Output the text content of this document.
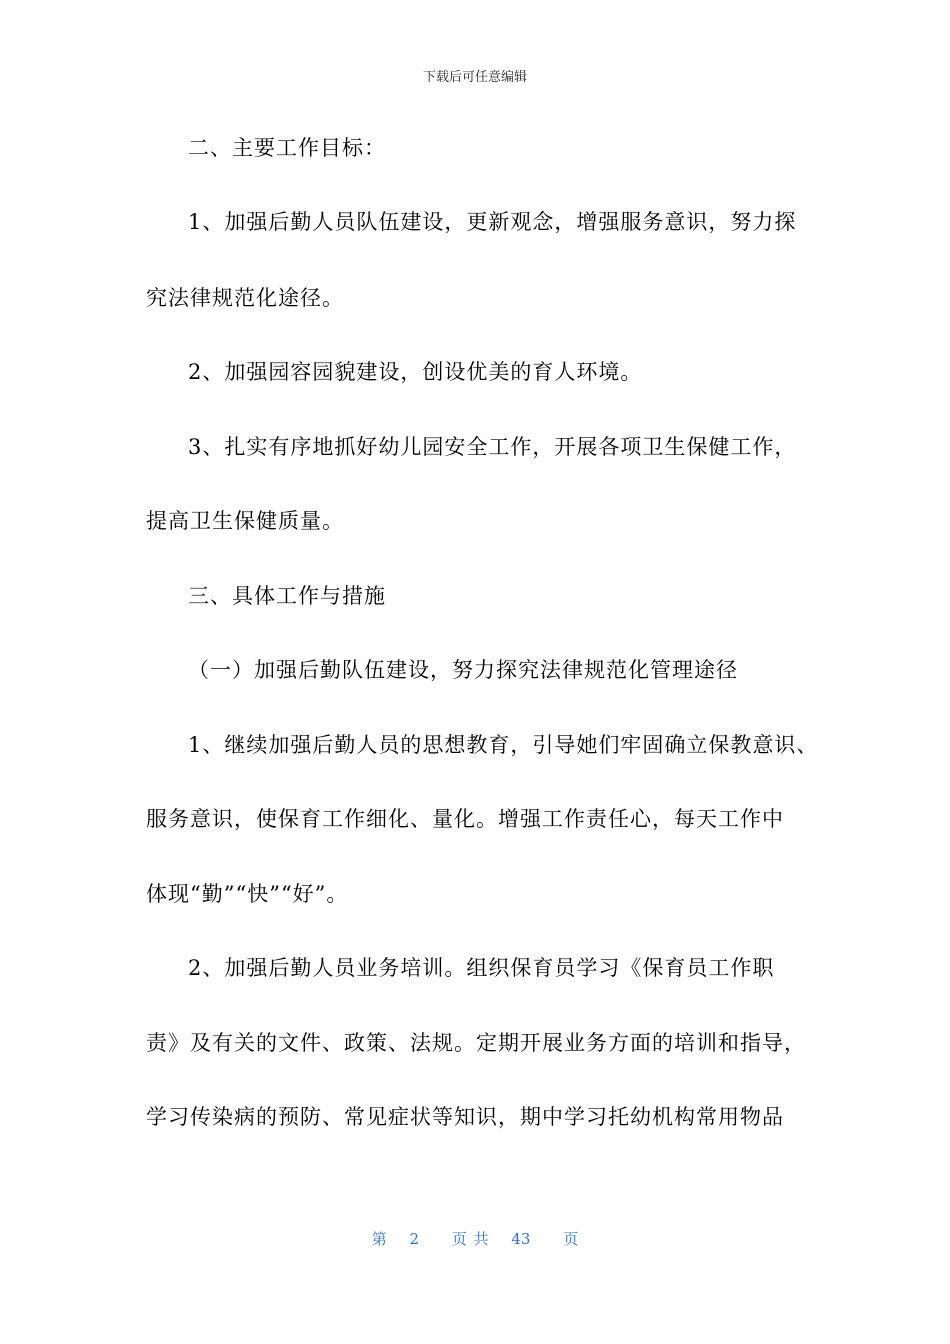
下载后可任意编辑
二、主要工作目标：
1、加强后勤人员队伍建设，更新观念，增强服务意识，努力探
究法律规范化途径。
2、加强园容园貌建设，创设优美的育人环境。
3、扎实有序地抓好幼儿园安全工作，开展各项卫生保健工作，
提高卫生保健质量。
三、具体工作与措施
（一）加强后勤队伍建设，努力探究法律规范化管理途径
1、继续加强后勤人员的思想教育，引导她们牢固确立保教意识、
服务意识，使保育工作细化、量化。增强工作责任心，每天工作中
体现“勤”“快”“好”。
2、加强后勤人员业务培训。组织保育员学习《保育员工作职
责》及有关的文件、政策、法规。定期开展业务方面的培训和指导，
学习传染病的预防、常见症状等知识，期中学习托幼机构常用物品
第 2 页 共 43 页
